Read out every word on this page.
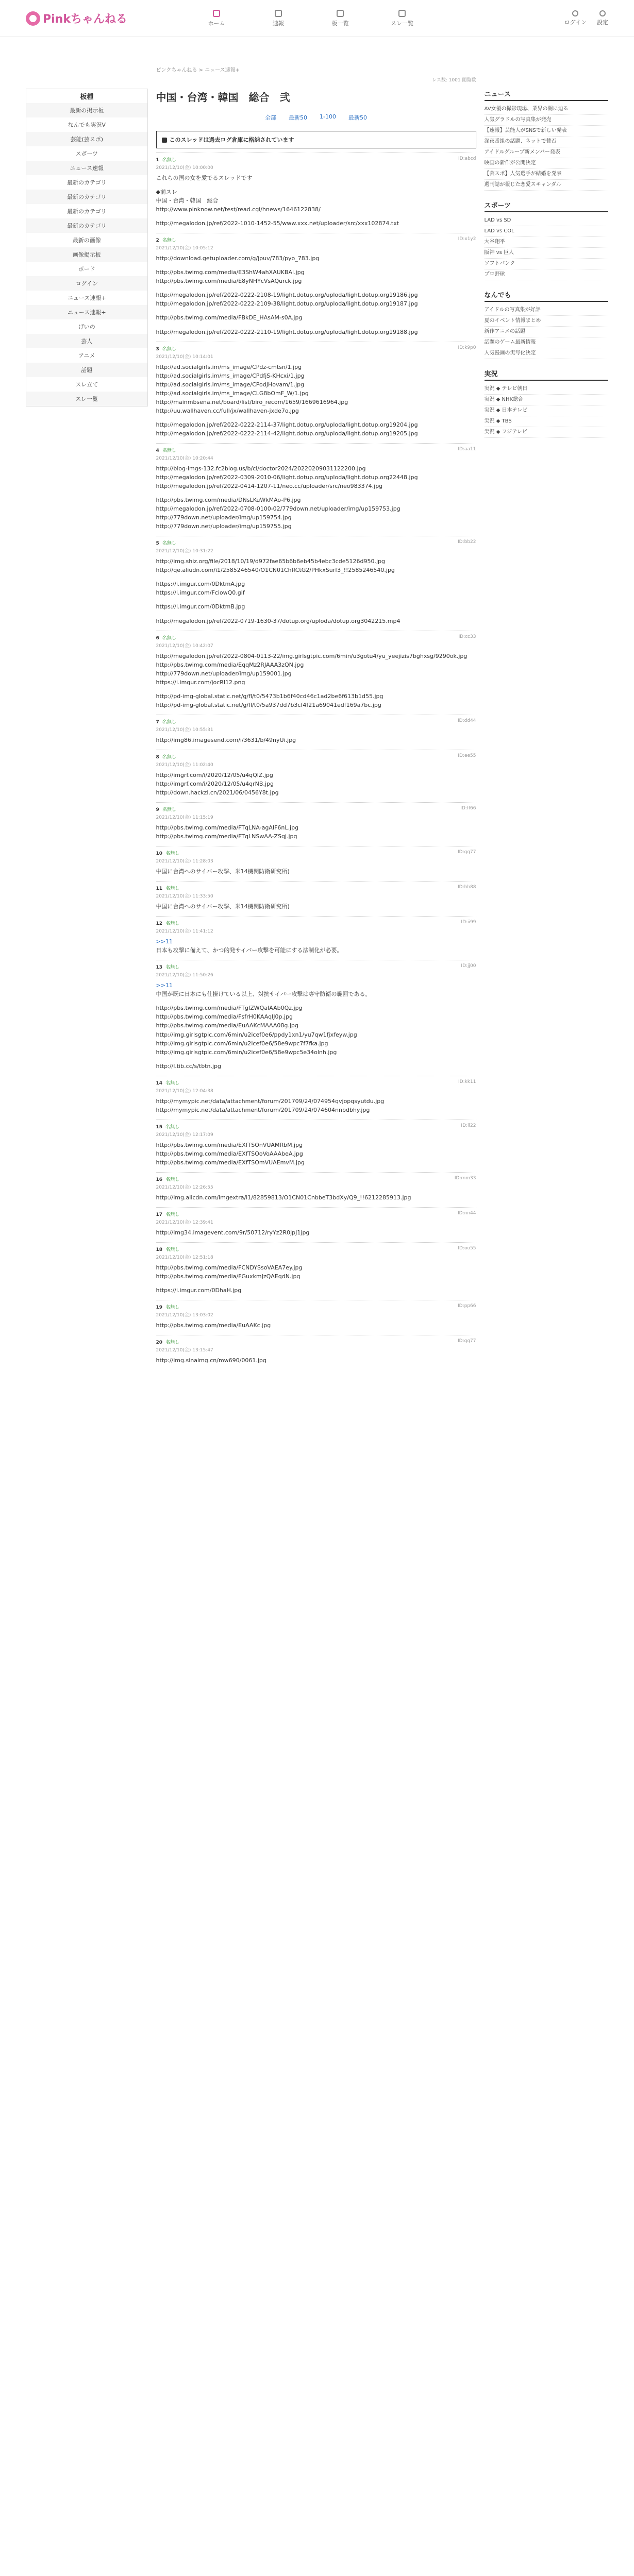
Pinkちゃんねる	ホーム	速報	板一覧	スレ一覧	ログイン 設定
板種
最新の掲示板
なんでも実況V
芸能(芸スポ)
スポーツ
ニュース速報
最新のカテゴリ
最新のカテゴリ
最新のカテゴリ
最新のカテゴリ
最新の画像
画像掲示板
ボード
ログイン
ニュース速報+
ニュース速報+
げいの
芸人
アニメ
話題
スレ立て
スレ一覧
ピンクちゃんねる > ニュース速報+
レス数: 1001 閲覧数
中国・台湾・韓国　総合　弐
全部 最新50 1-100 最新50
このスレッドは過去ログ倉庫に格納されています
1 名無し	ID:abcd
2021/12/10(金) 10:00:00
これらの国の女を愛でるスレッドです
◆前スレ
中国・台湾・韓国　総合
http://www.pinknow.net/test/read.cgi/hnews/1646122838/
http://megalodon.jp/ref/2022-1010-1452-55/www.xxx.net/uploader/src/xxx102874.txt
2 名無し	ID:x1y2
2021/12/10(金) 10:05:12
http://download.getuploader.com/g/jpuv/783/pyo_783.jpg
http://pbs.twimg.com/media/E3ShW4ahXAUKBAl.jpg
http://pbs.twimg.com/media/E8yNHYcVsAQurck.jpg
http://megalodon.jp/ref/2022-0222-2108-19/light.dotup.org/uploda/light.dotup.org19186.jpg
http://megalodon.jp/ref/2022-0222-2109-38/light.dotup.org/uploda/light.dotup.org19187.jpg
http://pbs.twimg.com/media/FBkDE_HAsAM-s0A.jpg
http://megalodon.jp/ref/2022-0222-2110-19/light.dotup.org/uploda/light.dotup.org19188.jpg
3 名無し	ID:k9p0
2021/12/10(金) 10:14:01
http://ad.socialgirls.im/ms_image/CPdz-cmtsn/1.jpg
http://ad.socialgirls.im/ms_image/CPdfjS-KHcxi/1.jpg
http://ad.socialgirls.im/ms_image/CPodJHovam/1.jpg
http://ad.socialgirls.im/ms_image/CLG8bOmF_W/1.jpg
http://mainmbsena.net/board/list/biro_recom/1659/1669616964.jpg
http://uu.wallhaven.cc/full/jx/wallhaven-jxde7o.jpg
http://megalodon.jp/ref/2022-0222-2114-37/light.dotup.org/uploda/light.dotup.org19204.jpg
http://megalodon.jp/ref/2022-0222-2114-42/light.dotup.org/uploda/light.dotup.org19205.jpg
4 名無し	ID:aa11
2021/12/10(金) 10:20:44
http://blog-imgs-132.fc2blog.us/b/cl/doctor2024/20220209031122200.jpg
http://megalodon.jp/ref/2022-0309-2010-06/light.dotup.org/uploda/light.dotup.org22448.jpg
http://megalodon.jp/ref/2022-0414-1207-11/neo.cc/uploader/src/neo983374.jpg
http://pbs.twimg.com/media/DNsLKuWkMAo-P6.jpg
http://megalodon.jp/ref/2022-0708-0100-02/779down.net/uploader/img/up159753.jpg
http://779down.net/uploader/img/up159754.jpg
http://779down.net/uploader/img/up159755.jpg
5 名無し	ID:bb22
2021/12/10(金) 10:31:22
http://img.shiz.org/file/2018/10/19/d972fae65b6b6eb45b4ebc3cde5126d950.jpg
http://qe.aliudn.com/i1/2585246540/O1CN01ChRCtG2/PHkxSurf3_!!2585246540.jpg
https://i.imgur.com/0DktmA.jpg
https://i.imgur.com/FciowQ0.gif
https://i.imgur.com/0DktmB.jpg
http://megalodon.jp/ref/2022-0719-1630-37/dotup.org/uploda/dotup.org3042215.mp4
6 名無し	ID:cc33
2021/12/10(金) 10:42:07
http://megalodon.jp/ref/2022-0804-0113-22/img.girlsgtpic.com/6min/u3gotu4/yu_yeejizis7bghxsg/9290ok.jpg
http://pbs.twimg.com/media/EqqMz2RJAAA3zQN.jpg
http://779down.net/uploader/img/up159001.jpg
https://i.imgur.com/jocRl12.png
http://pd-img-global.static.net/g/fl/t0/5473b1b6f40cd46c1ad2be6f613b1d55.jpg
http://pd-img-global.static.net/g/fl/t0/5a937dd7b3cf4f21a69041edf169a7bc.jpg
7 名無し	ID:dd44
2021/12/10(金) 10:55:31
http://img86.imagesend.com/i/3631/b/49nyUi.jpg
8 名無し	ID:ee55
2021/12/10(金) 11:02:40
http://imgrf.com/i/2020/12/05/u4qQlZ.jpg
http://imgrf.com/i/2020/12/05/u4qrNB.jpg
http://down.hackzl.cn/2021/06/0456Y8t.jpg
9 名無し	ID:ff66
2021/12/10(金) 11:15:19
http://pbs.twimg.com/media/FTqLNA-agAIF6nL.jpg
http://pbs.twimg.com/media/FTqLNSwAA-ZSqj.jpg
10 名無し	ID:gg77
2021/12/10(金) 11:28:03
中国に台湾へのサイバー攻撃、米14機関防衛研究所)
11 名無し	ID:hh88
2021/12/10(金) 11:33:50
中国に台湾へのサイバー攻撃、米14機関防衛研究所)
12 名無し	ID:ii99
2021/12/10(金) 11:41:12
>>11
日本も攻撃に備えて、かつ的発サイバー攻撃を可能にする法制化が必要。
13 名無し	ID:jj00
2021/12/10(金) 11:50:26
>>11
中国が既に日本にも仕掛けている以上、対抗サイバー攻撃は専守防衛の範囲である。
http://pbs.twimg.com/media/FTgIZWQaIAAb0Qz.jpg
http://pbs.twimg.com/media/FsfrH0KAAqIJ0p.jpg
http://pbs.twimg.com/media/EuAAKcMAAA08g.jpg
http://img.girlsgtpic.com/6min/u2icef0e6/ppdy1xn1/yu7qw1fjxfeyw.jpg
http://img.girlsgtpic.com/6min/u2icef0e6/58e9wpc7f7fka.jpg
http://img.girlsgtpic.com/6min/u2icef0e6/58e9wpc5e34olnh.jpg
http://l.tib.cc/s/tbtn.jpg
14 名無し	ID:kk11
2021/12/10(金) 12:04:38
http://mymypic.net/data/attachment/forum/201709/24/074954qvjopqsyutdu.jpg
http://mymypic.net/data/attachment/forum/201709/24/074604nnbdbhy.jpg
15 名無し	ID:ll22
2021/12/10(金) 12:17:09
http://pbs.twimg.com/media/EXfTSOnVUAMRbM.jpg
http://pbs.twimg.com/media/EXfTSOoVoAAAbeA.jpg
http://pbs.twimg.com/media/EXfTSOmVUAEmvM.jpg
16 名無し	ID:mm33
2021/12/10(金) 12:26:55
http://img.alicdn.com/imgextra/i1/82859813/O1CN01CnbbeT3bdXy/Q9_!!6212285913.jpg
17 名無し	ID:nn44
2021/12/10(金) 12:39:41
http://img34.imagevent.com/9r/50712/ryYz2R0jpJ1jpg
18 名無し	ID:oo55
2021/12/10(金) 12:51:18
http://pbs.twimg.com/media/FCNDYSsoVAEA7ey.jpg
http://pbs.twimg.com/media/FGuxkmJzQAEqdN.jpg
https://i.imgur.com/0DhaH.jpg
19 名無し	ID:pp66
2021/12/10(金) 13:03:02
http://pbs.twimg.com/media/EuAAKc.jpg
20 名無し	ID:qq77
2021/12/10(金) 13:15:47
http://img.sinaimg.cn/mw690/0061.jpg
ニュース
AV女優の撮影現場、業界の闇に迫る
人気グラドルの写真集が発売
【速報】芸能人がSNSで新しい発表
深夜番組の話題、ネットで賛否
アイドルグループ新メンバー発表
映画の新作が公開決定
【芸スポ】人気選手が結婚を発表
週刊誌が報じた恋愛スキャンダル
スポーツ
LAD vs SD
LAD vs COL
大谷翔平
阪神 vs 巨人
ソフトバンク
プロ野球
なんでも
アイドルの写真集が好評
夏のイベント情報まとめ
新作アニメの話題
話題のゲーム最新情報
人気漫画の実写化決定
実況
実況 ◆ テレビ朝日
実況 ◆ NHK総合
実況 ◆ 日本テレビ
実況 ◆ TBS
実況 ◆ フジテレビ
